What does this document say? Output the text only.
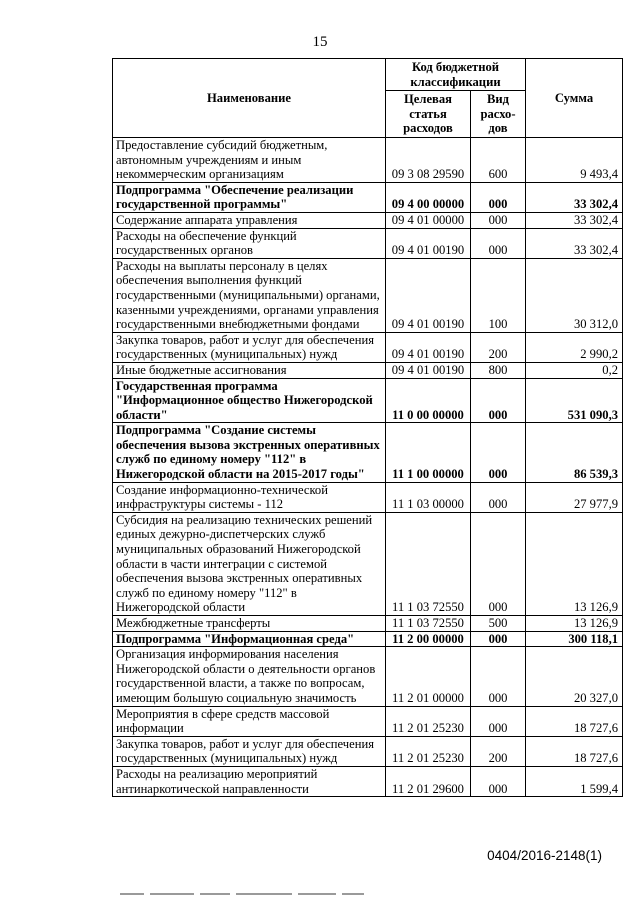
15
Наименование	Код бюджетной классификации		Сумма
	Целевая статья расходов	Вид расхо-дов	
Предоставление субсидий бюджетным, автономным учреждениям и иным некоммерческим организациям	09 3 08 29590	600	9 493,4
Подпрограмма "Обеспечение реализации государственной программы"	09 4 00 00000	000	33 302,4
Содержание аппарата управления	09 4 01 00000	000	33 302,4
Расходы на обеспечение функций государственных органов	09 4 01 00190	000	33 302,4
Расходы на выплаты персоналу в целях обеспечения выполнения функций государственными (муниципальными) органами, казенными учреждениями, органами управления государственными внебюджетными фондами	09 4 01 00190	100	30 312,0
Закупка товаров, работ и услуг для обеспечения государственных (муниципальных) нужд	09 4 01 00190	200	2 990,2
Иные бюджетные ассигнования	09 4 01 00190	800	0,2
Государственная программа "Информационное общество Нижегородской области"	11 0 00 00000	000	531 090,3
Подпрограмма "Создание системы обеспечения вызова экстренных оперативных служб по единому номеру "112" в Нижегородской области на 2015-2017 годы"	11 1 00 00000	000	86 539,3
Создание информационно-технической инфраструктуры системы - 112	11 1 03 00000	000	27 977,9
Субсидия на реализацию технических решений единых дежурно-диспетчерских служб муниципальных образований Нижегородской области в части интеграции с системой обеспечения вызова экстренных оперативных служб по единому номеру "112" в Нижегородской области	11 1 03 72550	000	13 126,9
Межбюджетные трансферты	11 1 03 72550	500	13 126,9
Подпрограмма "Информационная среда"	11 2 00 00000	000	300 118,1
Организация информирования населения Нижегородской области о деятельности органов государственной власти, а также по вопросам, имеющим большую социальную значимость	11 2 01 00000	000	20 327,0
Мероприятия в сфере средств массовой информации	11 2 01 25230	000	18 727,6
Закупка товаров, работ и услуг для обеспечения государственных (муниципальных) нужд	11 2 01 25230	200	18 727,6
Расходы на реализацию мероприятий антинаркотической направленности	11 2 01 29600	000	1 599,4
0404/2016-2148(1)
